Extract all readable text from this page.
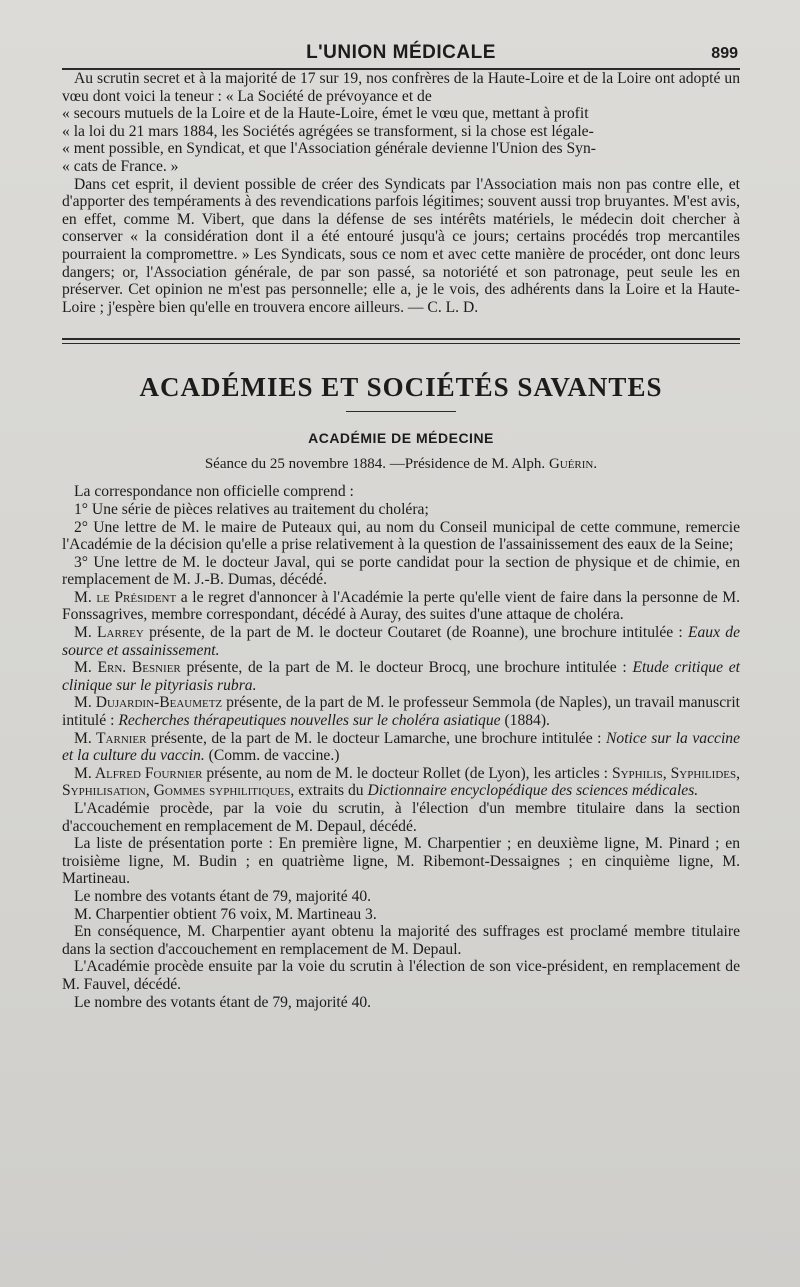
L'UNION MÉDICALE	899

Au scrutin secret et à la majorité de 17 sur 19, nos confrères de la Haute-Loire et de la Loire ont adopté un vœu dont voici la teneur : « La Société de prévoyance et de

« secours mutuels de la Loire et de la Haute-Loire, émet le vœu que, mettant à profit

« la loi du 21 mars 1884, les Sociétés agrégées se transforment, si la chose est légale-

« ment possible, en Syndicat, et que l'Association générale devienne l'Union des Syn-

« cats de France. »

Dans cet esprit, il devient possible de créer des Syndicats par l'Association mais non pas contre elle, et d'apporter des tempéraments à des revendications parfois légitimes; souvent aussi trop bruyantes. M'est avis, en effet, comme M. Vibert, que dans la défense de ses intérêts matériels, le médecin doit chercher à conserver « la considération dont il a été entouré jusqu'à ce jours; certains procédés trop mercantiles pourraient la compromettre. » Les Syndicats, sous ce nom et avec cette manière de procéder, ont donc leurs dangers; or, l'Association générale, de par son passé, sa notoriété et son patronage, peut seule les en préserver. Cet opinion ne m'est pas personnelle; elle a, je le vois, des adhérents dans la Loire et la Haute-Loire ; j'espère bien qu'elle en trouvera encore ailleurs. — C. L. D.

ACADÉMIES ET SOCIÉTÉS SAVANTES
ACADÉMIE DE MÉDECINE
Séance du 25 novembre 1884. —Présidence de M. Alph. Guérin.

La correspondance non officielle comprend :

1° Une série de pièces relatives au traitement du choléra;

2° Une lettre de M. le maire de Puteaux qui, au nom du Conseil municipal de cette commune, remercie l'Académie de la décision qu'elle a prise relativement à la question de l'assainissement des eaux de la Seine;

3° Une lettre de M. le docteur Javal, qui se porte candidat pour la section de physique et de chimie, en remplacement de M. J.-B. Dumas, décédé.

M. le Président a le regret d'annoncer à l'Académie la perte qu'elle vient de faire dans la personne de M. Fonssagrives, membre correspondant, décédé à Auray, des suites d'une attaque de choléra.

M. Larrey présente, de la part de M. le docteur Coutaret (de Roanne), une brochure intitulée : Eaux de source et assainissement.

M. Ern. Besnier présente, de la part de M. le docteur Brocq, une brochure intitulée : Etude critique et clinique sur le pityriasis rubra.

M. Dujardin-Beaumetz présente, de la part de M. le professeur Semmola (de Naples), un travail manuscrit intitulé : Recherches thérapeutiques nouvelles sur le choléra asiatique (1884).

M. Tarnier présente, de la part de M. le docteur Lamarche, une brochure intitulée : Notice sur la vaccine et la culture du vaccin. (Comm. de vaccine.)

M. Alfred Fournier présente, au nom de M. le docteur Rollet (de Lyon), les articles : Syphilis, Syphilides, Syphilisation, Gommes syphilitiques, extraits du Dictionnaire encyclopédique des sciences médicales.

L'Académie procède, par la voie du scrutin, à l'élection d'un membre titulaire dans la section d'accouchement en remplacement de M. Depaul, décédé.

La liste de présentation porte : En première ligne, M. Charpentier ; en deuxième ligne, M. Pinard ; en troisième ligne, M. Budin ; en quatrième ligne, M. Ribemont-Dessaignes ; en cinquième ligne, M. Martineau.

Le nombre des votants étant de 79, majorité 40.

M. Charpentier obtient 76 voix, M. Martineau 3.

En conséquence, M. Charpentier ayant obtenu la majorité des suffrages est proclamé membre titulaire dans la section d'accouchement en remplacement de M. Depaul.

L'Académie procède ensuite par la voie du scrutin à l'élection de son vice-président, en remplacement de M. Fauvel, décédé.

Le nombre des votants étant de 79, majorité 40.
